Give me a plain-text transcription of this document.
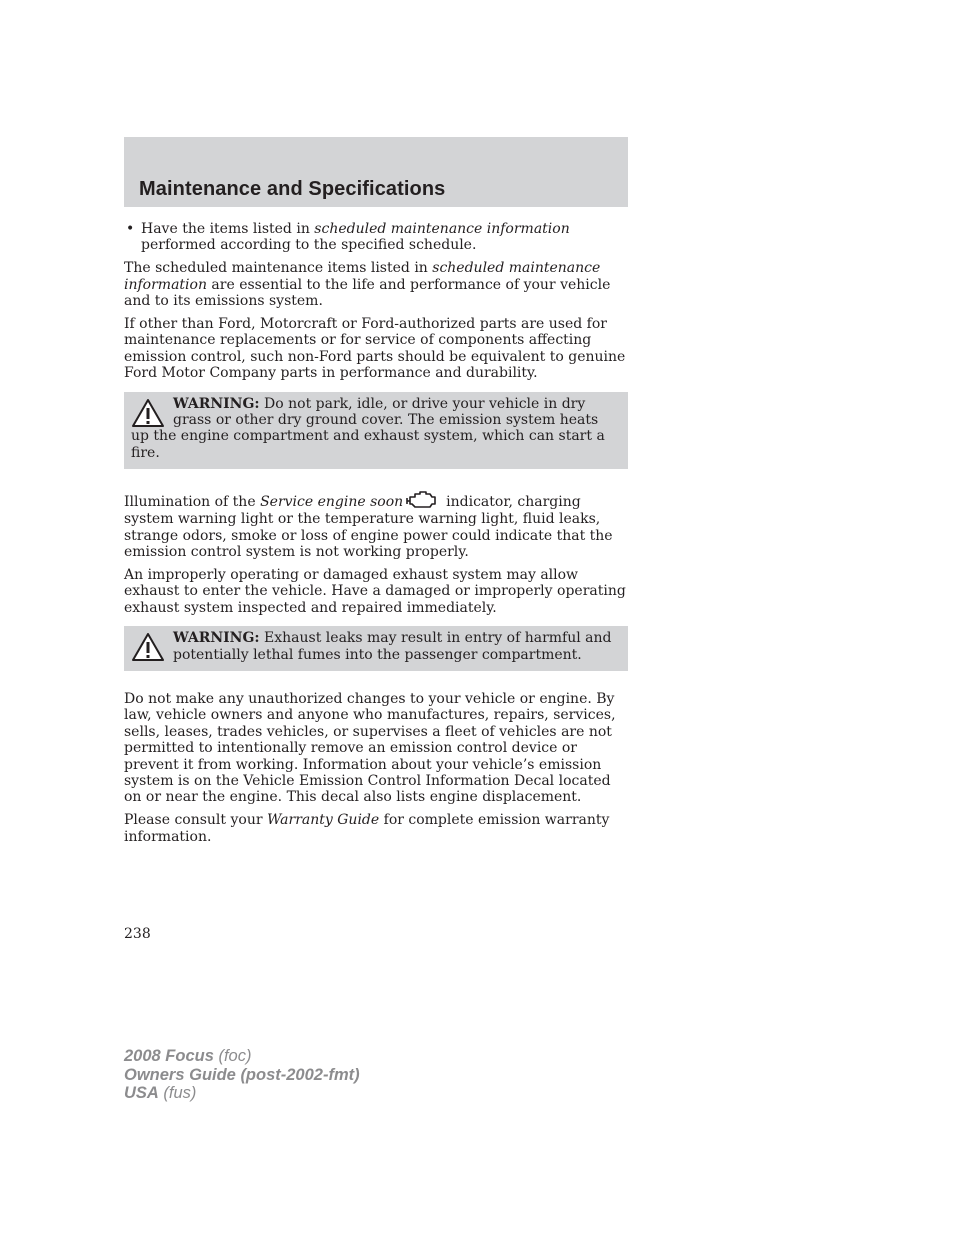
Maintenance and Specifications
• Have the items listed in scheduled maintenance information performed according to the specified schedule.

The scheduled maintenance items listed in scheduled maintenance information are essential to the life and performance of your vehicle and to its emissions system.

If other than Ford, Motorcraft or Ford-authorized parts are used for maintenance replacements or for service of components affecting emission control, such non-Ford parts should be equivalent to genuine Ford Motor Company parts in performance and durability.

WARNING: Do not park, idle, or drive your vehicle in dry grass or other dry ground cover. The emission system heats up the engine compartment and exhaust system, which can start a fire.

Illumination of the Service engine soon	indicator, charging system warning light or the temperature warning light, fluid leaks, strange odors, smoke or loss of engine power could indicate that the emission control system is not working properly.

An improperly operating or damaged exhaust system may allow exhaust to enter the vehicle. Have a damaged or improperly operating exhaust system inspected and repaired immediately.

WARNING: Exhaust leaks may result in entry of harmful and potentially lethal fumes into the passenger compartment.

Do not make any unauthorized changes to your vehicle or engine. By law, vehicle owners and anyone who manufactures, repairs, services, sells, leases, trades vehicles, or supervises a fleet of vehicles are not permitted to intentionally remove an emission control device or prevent it from working. Information about your vehicle’s emission system is on the Vehicle Emission Control Information Decal located on or near the engine. This decal also lists engine displacement.

Please consult your Warranty Guide for complete emission warranty information.

238
2008 Focus (foc)
Owners Guide (post-2002-fmt)
USA (fus)
